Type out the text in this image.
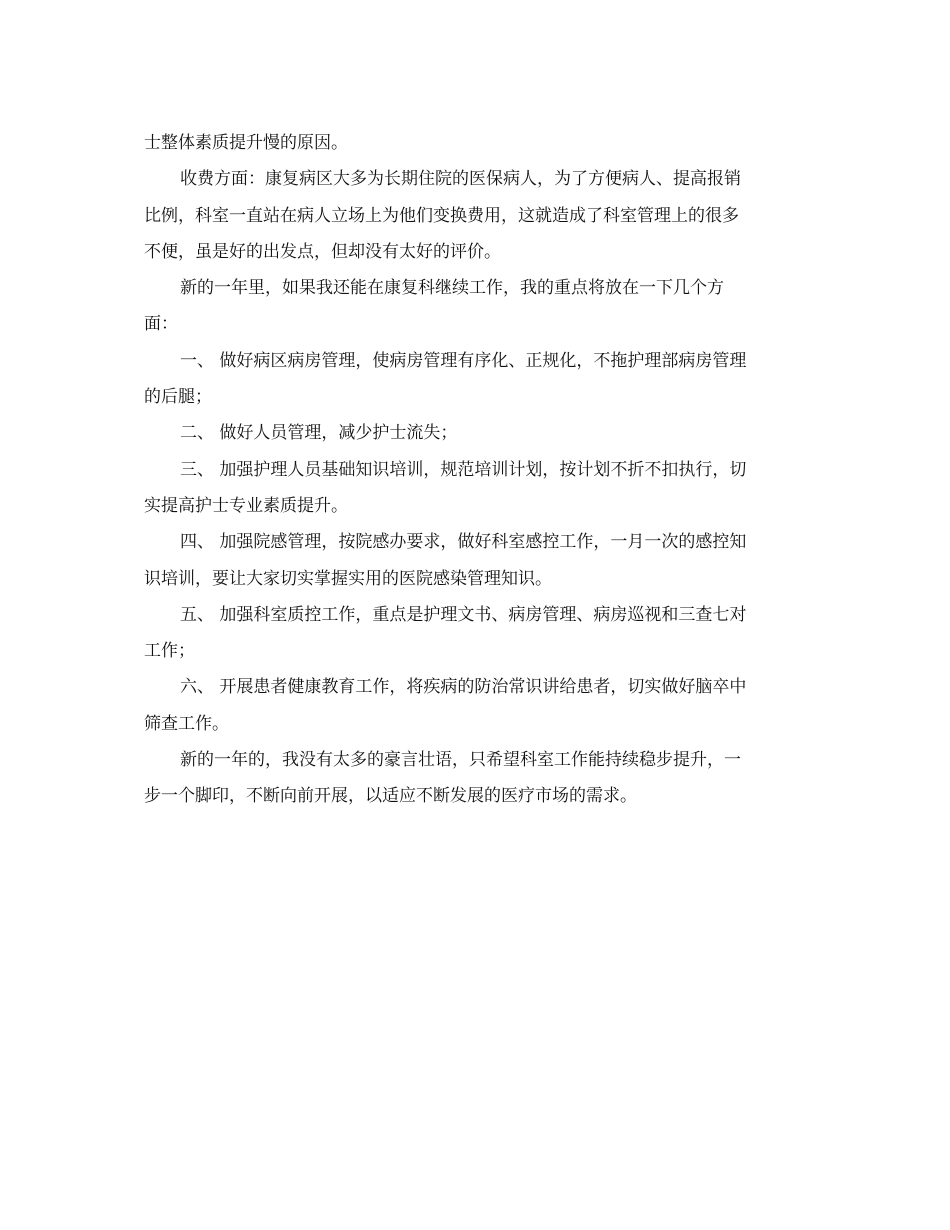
士整体素质提升慢的原因。

收费方面：康复病区大多为长期住院的医保病人，为了方便病人、提高报销
比例，科室一直站在病人立场上为他们变换费用，这就造成了科室管理上的很多
不便，虽是好的出发点，但却没有太好的评价。

新的一年里，如果我还能在康复科继续工作，我的重点将放在一下几个方
面：

一、 做好病区病房管理，使病房管理有序化、正规化，不拖护理部病房管理
的后腿；

二、 做好人员管理，减少护士流失；

三、 加强护理人员基础知识培训，规范培训计划，按计划不折不扣执行，切
实提高护士专业素质提升。

四、 加强院感管理，按院感办要求，做好科室感控工作，一月一次的感控知
识培训，要让大家切实掌握实用的医院感染管理知识。

五、 加强科室质控工作，重点是护理文书、病房管理、病房巡视和三查七对
工作；

六、 开展患者健康教育工作，将疾病的防治常识讲给患者，切实做好脑卒中
筛查工作。

新的一年的，我没有太多的豪言壮语，只希望科室工作能持续稳步提升，一
步一个脚印，不断向前开展，以适应不断发展的医疗市场的需求。
